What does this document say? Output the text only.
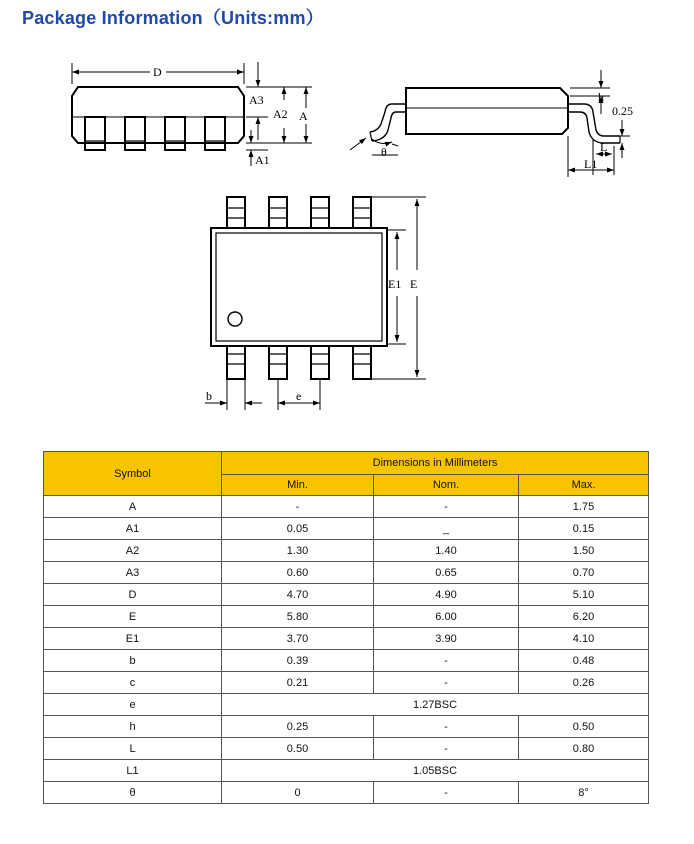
Package Information（Units:mm）
D
A3
A2 A
A1
h
0.25
L
L1
θ
E1 E
b	e
Symbol	Dimensions in Millimeters		
	Min.	Nom.	Max.
A	-	-	1.75
A1	0.05	_	0.15
A2	1.30	1.40	1.50
A3	0.60	0.65	0.70
D	4.70	4.90	5.10
E	5.80	6.00	6.20
E1	3.70	3.90	4.10
b	0.39	-	0.48
c	0.21	-	0.26
e	1.27BSC		
h	0.25	-	0.50
L	0.50	-	0.80
L1	1.05BSC		
θ	0	-	8°
